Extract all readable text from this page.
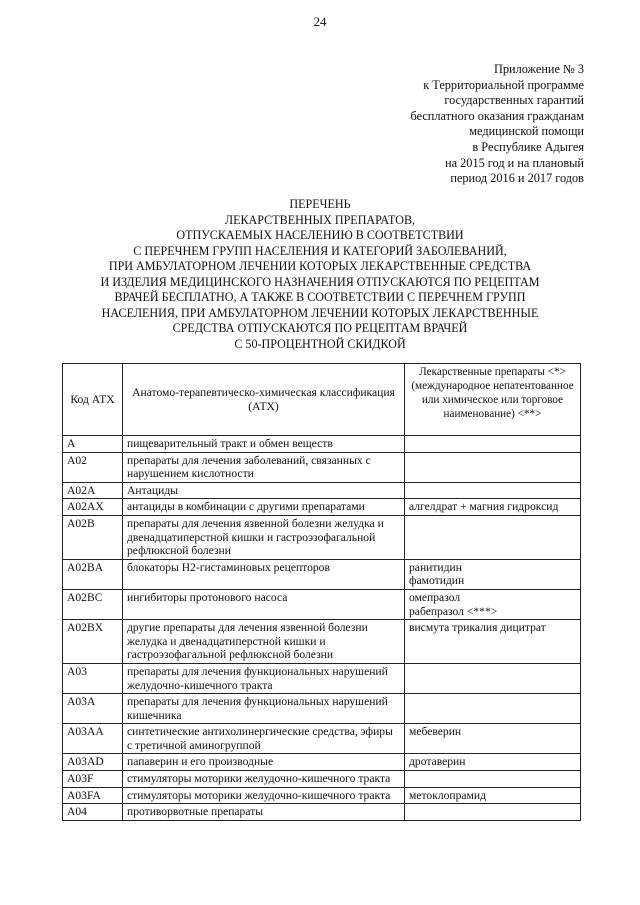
24
Приложение № 3
к Территориальной программе
государственных гарантий
бесплатного оказания гражданам
медицинской помощи
в Республике Адыгея
на 2015 год и на плановый
период 2016 и 2017 годов
ПЕРЕЧЕНЬ
ЛЕКАРСТВЕННЫХ ПРЕПАРАТОВ,
ОТПУСКАЕМЫХ НАСЕЛЕНИЮ В СООТВЕТСТВИИ
С ПЕРЕЧНЕМ ГРУПП НАСЕЛЕНИЯ И КАТЕГОРИЙ ЗАБОЛЕВАНИЙ,
ПРИ АМБУЛАТОРНОМ ЛЕЧЕНИИ КОТОРЫХ ЛЕКАРСТВЕННЫЕ СРЕДСТВА
И ИЗДЕЛИЯ МЕДИЦИНСКОГО НАЗНАЧЕНИЯ ОТПУСКАЮТСЯ ПО РЕЦЕПТАМ
ВРАЧЕЙ БЕСПЛАТНО, А ТАКЖЕ В СООТВЕТСТВИИ С ПЕРЕЧНЕМ ГРУПП
НАСЕЛЕНИЯ, ПРИ АМБУЛАТОРНОМ ЛЕЧЕНИИ КОТОРЫХ ЛЕКАРСТВЕННЫЕ
СРЕДСТВА ОТПУСКАЮТСЯ ПО РЕЦЕПТАМ ВРАЧЕЙ
С 50-ПРОЦЕНТНОЙ СКИДКОЙ
Код АТХ	Анатомо-терапевтическо-химическая классификация (АТХ)	Лекарственные препараты <*> (международное непатентованное или химическое или торговое наименование) <**>
A	пищеварительный тракт и обмен веществ	
A02	препараты для лечения заболеваний, связанных с нарушением кислотности	
A02A	Антациды	
A02AX	антациды в комбинации с другими препаратами	алгелдрат + магния гидроксид

A02B	препараты для лечения язвенной болезни желудка и двенадцатиперстной кишки и гастроэзофагальной рефлюксной болезни	
A02BA	блокаторы Н2-гистаминовых рецепторов	ранитидин
фамотидин

A02BC	ингибиторы протонового насоса	омепразол
рабепразол <***>

A02BX	другие препараты для лечения язвенной болезни желудка и двенадцатиперстной кишки и гастроэзофагальной рефлюксной болезни	висмута трикалия дицитрат

A03	препараты для лечения функциональных нарушений желудочно-кишечного тракта	
A03A	препараты для лечения функциональных нарушений кишечника	
A03AA	синтетические антихолинергические средства, эфиры с третичной аминогруппой	мебеверин

A03AD	папаверин и его производные	дротаверин

A03F	стимуляторы моторики желудочно-кишечного тракта	
A03FA	стимуляторы моторики желудочно-кишечного тракта	метоклопрамид

A04	противорвотные препараты	
